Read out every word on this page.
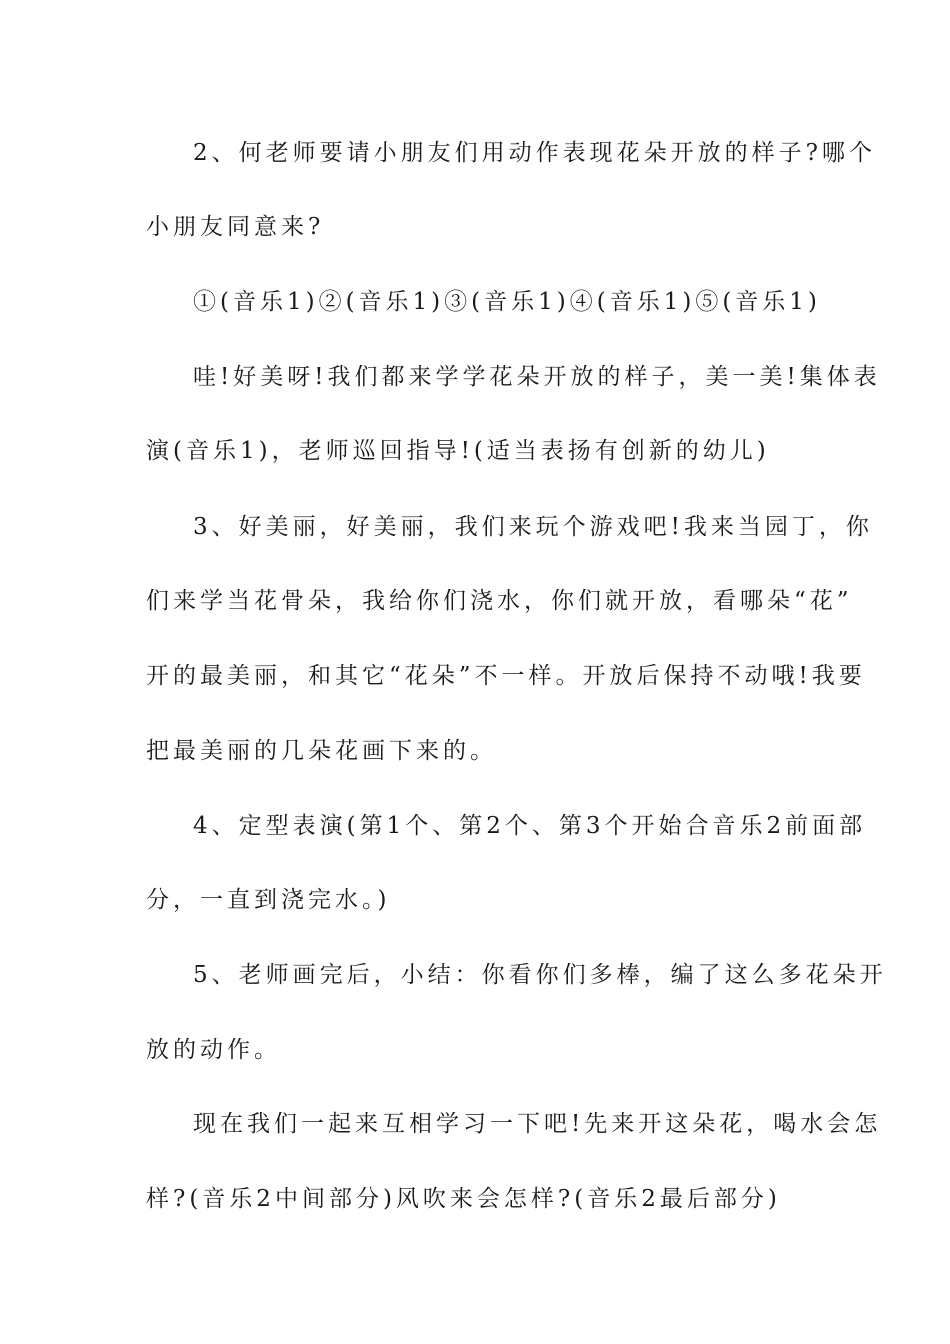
2、何老师要请小朋友们用动作表现花朵开放的样子?哪个

小朋友同意来?

①(音乐1)②(音乐1)③(音乐1)④(音乐1)⑤(音乐1)

哇!好美呀!我们都来学学花朵开放的样子，美一美!集体表

演(音乐1)，老师巡回指导!(适当表扬有创新的幼儿)

3、好美丽，好美丽，我们来玩个游戏吧!我来当园丁，你

们来学当花骨朵，我给你们浇水，你们就开放，看哪朵“花”

开的最美丽，和其它“花朵”不一样。开放后保持不动哦!我要

把最美丽的几朵花画下来的。

4、定型表演(第1个、第2个、第3个开始合音乐2前面部

分，一直到浇完水。)

5、老师画完后，小结：你看你们多棒，编了这么多花朵开

放的动作。

现在我们一起来互相学习一下吧!先来开这朵花，喝水会怎

样?(音乐2中间部分)风吹来会怎样?(音乐2最后部分)
